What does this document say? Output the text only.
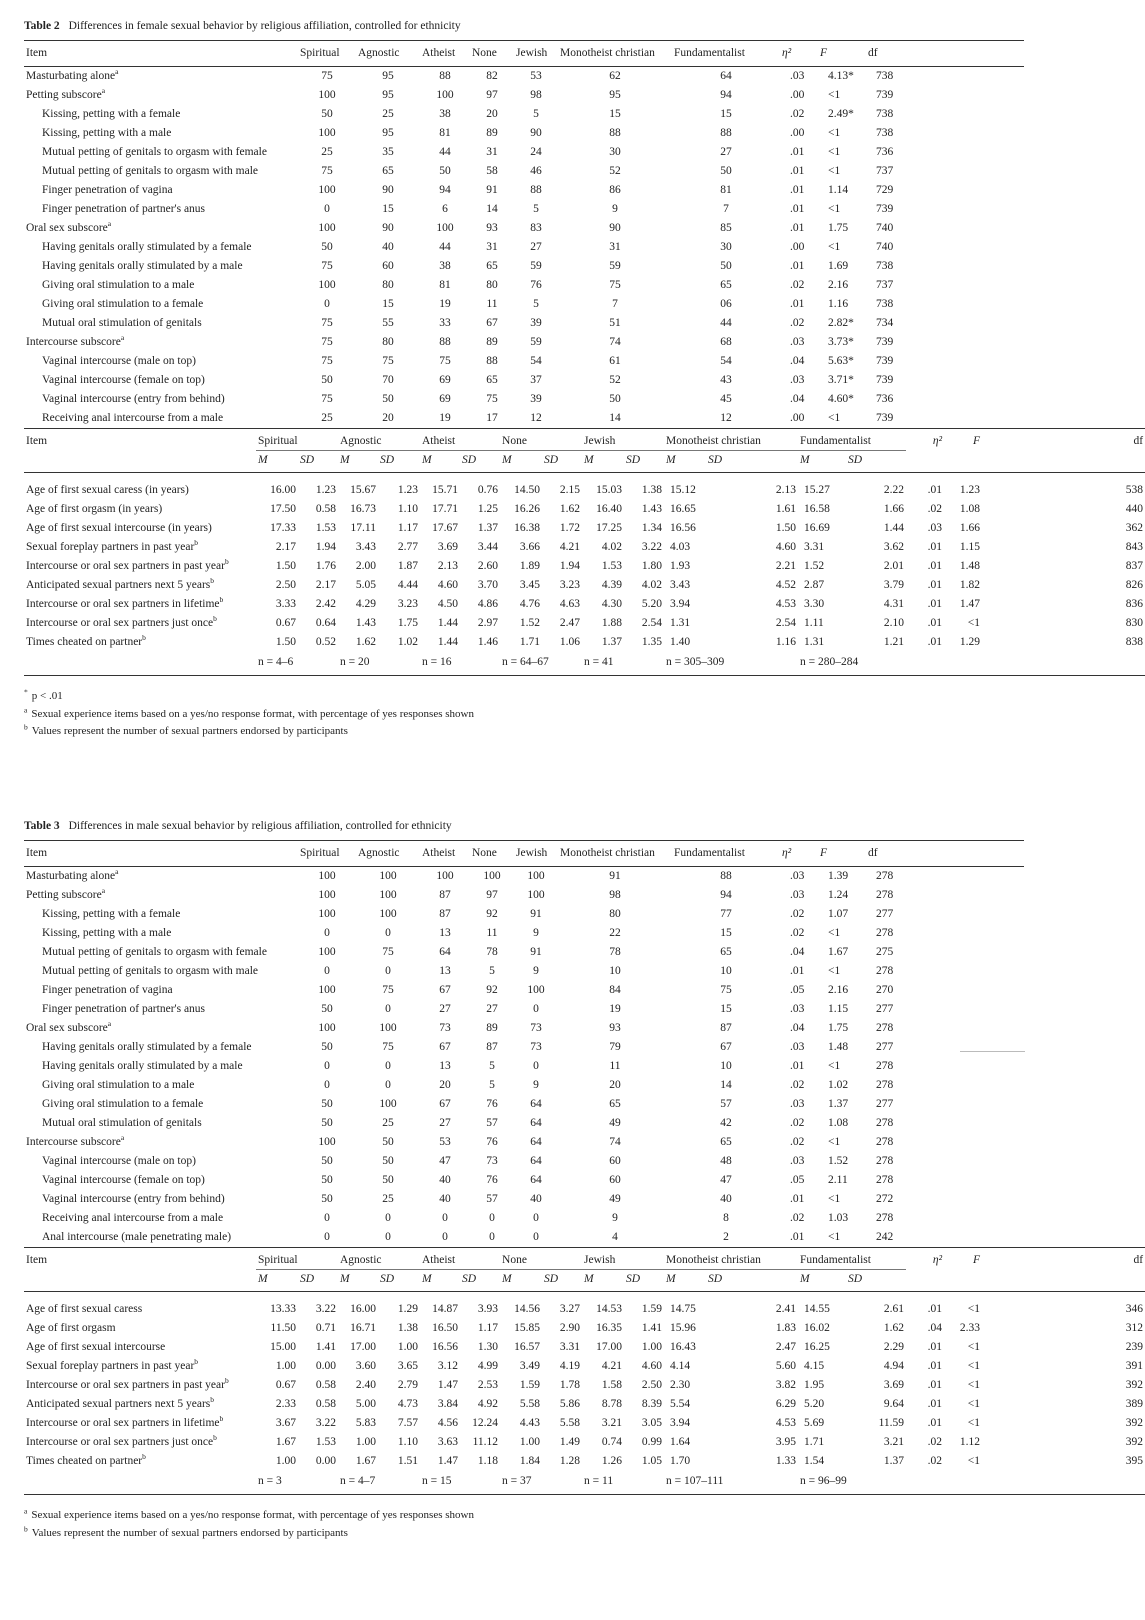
Table 2 Differences in female sexual behavior by religious affiliation, controlled for ethnicity
Item	Spiritual	Agnostic	Atheist	None	Jewish	Monotheist christian	Fundamentalist	η²	F	df
Masturbating alone$^a$	75	95	88	82	53	62	64	.03	4.13*	738
Petting subscore$^a$	100	95	100	97	98	95	94	.00	<1	739
Kissing, petting with a female	50	25	38	20	5	15	15	.02	2.49*	738
Kissing, petting with a male	100	95	81	89	90	88	88	.00	<1	738
Mutual petting of genitals to orgasm with female	25	35	44	31	24	30	27	.01	<1	736
Mutual petting of genitals to orgasm with male	75	65	50	58	46	52	50	.01	<1	737
Finger penetration of vagina	100	90	94	91	88	86	81	.01	1.14	729
Finger penetration of partner's anus	0	15	6	14	5	9	7	.01	<1	739
Oral sex subscore$^a$	100	90	100	93	83	90	85	.01	1.75	740
Having genitals orally stimulated by a female	50	40	44	31	27	31	30	.00	<1	740
Having genitals orally stimulated by a male	75	60	38	65	59	59	50	.01	1.69	738
Giving oral stimulation to a male	100	80	81	80	76	75	65	.02	2.16	737
Giving oral stimulation to a female	0	15	19	11	5	7	06	.01	1.16	738
Mutual oral stimulation of genitals	75	55	33	67	39	51	44	.02	2.82*	734
Intercourse subscore$^a$	75	80	88	89	59	74	68	.03	3.73*	739
Vaginal intercourse (male on top)	75	75	75	88	54	61	54	.04	5.63*	739
Vaginal intercourse (female on top)	50	70	69	65	37	52	43	.03	3.71*	739
Vaginal intercourse (entry from behind)	75	50	69	75	39	50	45	.04	4.60*	736
Receiving anal intercourse from a male	25	20	19	17	12	14	12	.00	<1	739
Item	Spiritual		Agnostic		Atheist		None		Jewish		Monotheist christian		Fundamentalist		η²	F	df
	M	SD	M	SD	M	SD	M	SD	M	SD	M	SD	M	SD			
Age of first sexual caress (in years)	16.00	1.23	15.67	1.23	15.71	0.76	14.50	2.15	15.03	1.38	15.12	2.13	15.27	2.22	.01	1.23	538
Age of first orgasm (in years)	17.50	0.58	16.73	1.10	17.71	1.25	16.26	1.62	16.40	1.43	16.65	1.61	16.58	1.66	.02	1.08	440
Age of first sexual intercourse (in years)	17.33	1.53	17.11	1.17	17.67	1.37	16.38	1.72	17.25	1.34	16.56	1.50	16.69	1.44	.03	1.66	362
Sexual foreplay partners in past year$^b$	2.17	1.94	3.43	2.77	3.69	3.44	3.66	4.21	4.02	3.22	4.03	4.60	3.31	3.62	.01	1.15	843
Intercourse or oral sex partners in past year$^b$	1.50	1.76	2.00	1.87	2.13	2.60	1.89	1.94	1.53	1.80	1.93	2.21	1.52	2.01	.01	1.48	837
Anticipated sexual partners next 5 years$^b$	2.50	2.17	5.05	4.44	4.60	3.70	3.45	3.23	4.39	4.02	3.43	4.52	2.87	3.79	.01	1.82	826
Intercourse or oral sex partners in lifetime$^b$	3.33	2.42	4.29	3.23	4.50	4.86	4.76	4.63	4.30	5.20	3.94	4.53	3.30	4.31	.01	1.47	836
Intercourse or oral sex partners just once$^b$	0.67	0.64	1.43	1.75	1.44	2.97	1.52	2.47	1.88	2.54	1.31	2.54	1.11	2.10	.01	<1	830
Times cheated on partner$^b$	1.50	0.52	1.62	1.02	1.44	1.46	1.71	1.06	1.37	1.35	1.40	1.16	1.31	1.21	.01	1.29	838
	n = 4–6		n = 20		n = 16		n = 64–67		n = 41		n = 305–309		n = 280–284				
* p < .01
$^a$ Sexual experience items based on a yes/no response format, with percentage of yes responses shown
$^b$ Values represent the number of sexual partners endorsed by participants
Table 3 Differences in male sexual behavior by religious affiliation, controlled for ethnicity
Item	Spiritual	Agnostic	Atheist	None	Jewish	Monotheist christian	Fundamentalist	η²	F	df
Masturbating alone$^a$	100	100	100	100	100	91	88	.03	1.39	278
Petting subscore$^a$	100	100	87	97	100	98	94	.03	1.24	278
Kissing, petting with a female	100	100	87	92	91	80	77	.02	1.07	277
Kissing, petting with a male	0	0	13	11	9	22	15	.02	<1	278
Mutual petting of genitals to orgasm with female	100	75	64	78	91	78	65	.04	1.67	275
Mutual petting of genitals to orgasm with male	0	0	13	5	9	10	10	.01	<1	278
Finger penetration of vagina	100	75	67	92	100	84	75	.05	2.16	270
Finger penetration of partner's anus	50	0	27	27	0	19	15	.03	1.15	277
Oral sex subscore$^a$	100	100	73	89	73	93	87	.04	1.75	278
Having genitals orally stimulated by a female	50	75	67	87	73	79	67	.03	1.48	277
Having genitals orally stimulated by a male	0	0	13	5	0	11	10	.01	<1	278
Giving oral stimulation to a male	0	0	20	5	9	20	14	.02	1.02	278
Giving oral stimulation to a female	50	100	67	76	64	65	57	.03	1.37	277
Mutual oral stimulation of genitals	50	25	27	57	64	49	42	.02	1.08	278
Intercourse subscore$^a$	100	50	53	76	64	74	65	.02	<1	278
Vaginal intercourse (male on top)	50	50	47	73	64	60	48	.03	1.52	278
Vaginal intercourse (female on top)	50	50	40	76	64	60	47	.05	2.11	278
Vaginal intercourse (entry from behind)	50	25	40	57	40	49	40	.01	<1	272
Receiving anal intercourse from a male	0	0	0	0	0	9	8	.02	1.03	278
Anal intercourse (male penetrating male)	0	0	0	0	0	4	2	.01	<1	242
Item	Spiritual		Agnostic		Atheist		None		Jewish		Monotheist christian		Fundamentalist		η²	F	df
	M	SD	M	SD	M	SD	M	SD	M	SD	M	SD	M	SD			
Age of first sexual caress	13.33	3.22	16.00	1.29	14.87	3.93	14.56	3.27	14.53	1.59	14.75	2.41	14.55	2.61	.01	<1	346
Age of first orgasm	11.50	0.71	16.71	1.38	16.50	1.17	15.85	2.90	16.35	1.41	15.96	1.83	16.02	1.62	.04	2.33	312
Age of first sexual intercourse	15.00	1.41	17.00	1.00	16.56	1.30	16.57	3.31	17.00	1.00	16.43	2.47	16.25	2.29	.01	<1	239
Sexual foreplay partners in past year$^b$	1.00	0.00	3.60	3.65	3.12	4.99	3.49	4.19	4.21	4.60	4.14	5.60	4.15	4.94	.01	<1	391
Intercourse or oral sex partners in past year$^b$	0.67	0.58	2.40	2.79	1.47	2.53	1.59	1.78	1.58	2.50	2.30	3.82	1.95	3.69	.01	<1	392
Anticipated sexual partners next 5 years$^b$	2.33	0.58	5.00	4.73	3.84	4.92	5.58	5.86	8.78	8.39	5.54	6.29	5.20	9.64	.01	<1	389
Intercourse or oral sex partners in lifetime$^b$	3.67	3.22	5.83	7.57	4.56	12.24	4.43	5.58	3.21	3.05	3.94	4.53	5.69	11.59	.01	<1	392
Intercourse or oral sex partners just once$^b$	1.67	1.53	1.00	1.10	3.63	11.12	1.00	1.49	0.74	0.99	1.64	3.95	1.71	3.21	.02	1.12	392
Times cheated on partner$^b$	1.00	0.00	1.67	1.51	1.47	1.18	1.84	1.28	1.26	1.05	1.70	1.33	1.54	1.37	.02	<1	395
	n = 3		n = 4–7		n = 15		n = 37		n = 11		n = 107–111		n = 96–99				
$^a$ Sexual experience items based on a yes/no response format, with percentage of yes responses shown
$^b$ Values represent the number of sexual partners endorsed by participants
